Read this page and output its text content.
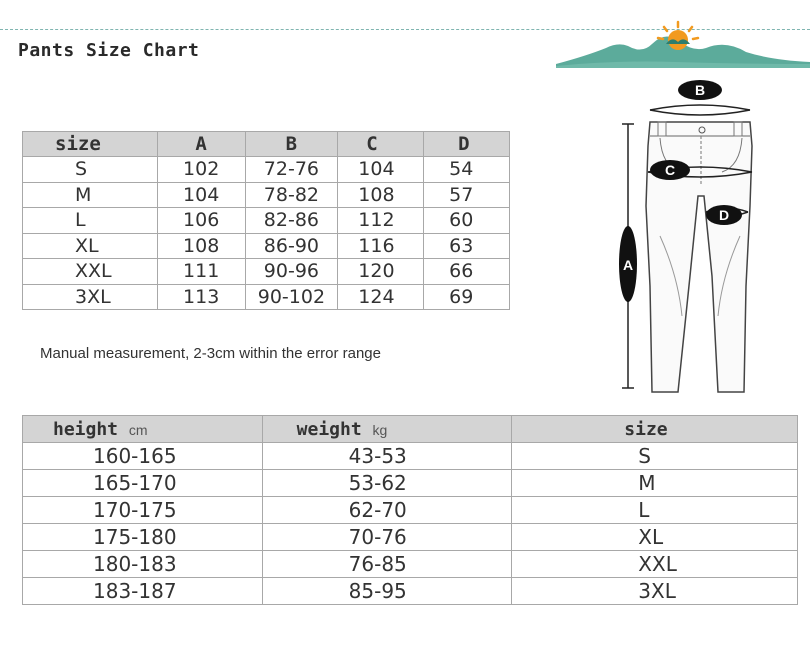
Pants Size Chart
size	A	B	C	D
S	102	72-76	104	54
M	104	78-82	108	57
L	106	82-86	112	60
XL	108	86-90	116	63
XXL	111	90-96	120	66
3XL	113	90-102	124	69
Manual measurement, 2-3cm within the error range
A
B
C
D
height cm	weight kg	size
160-165	43-53	S
165-170	53-62	M
170-175	62-70	L
175-180	70-76	XL
180-183	76-85	XXL
183-187	85-95	3XL
